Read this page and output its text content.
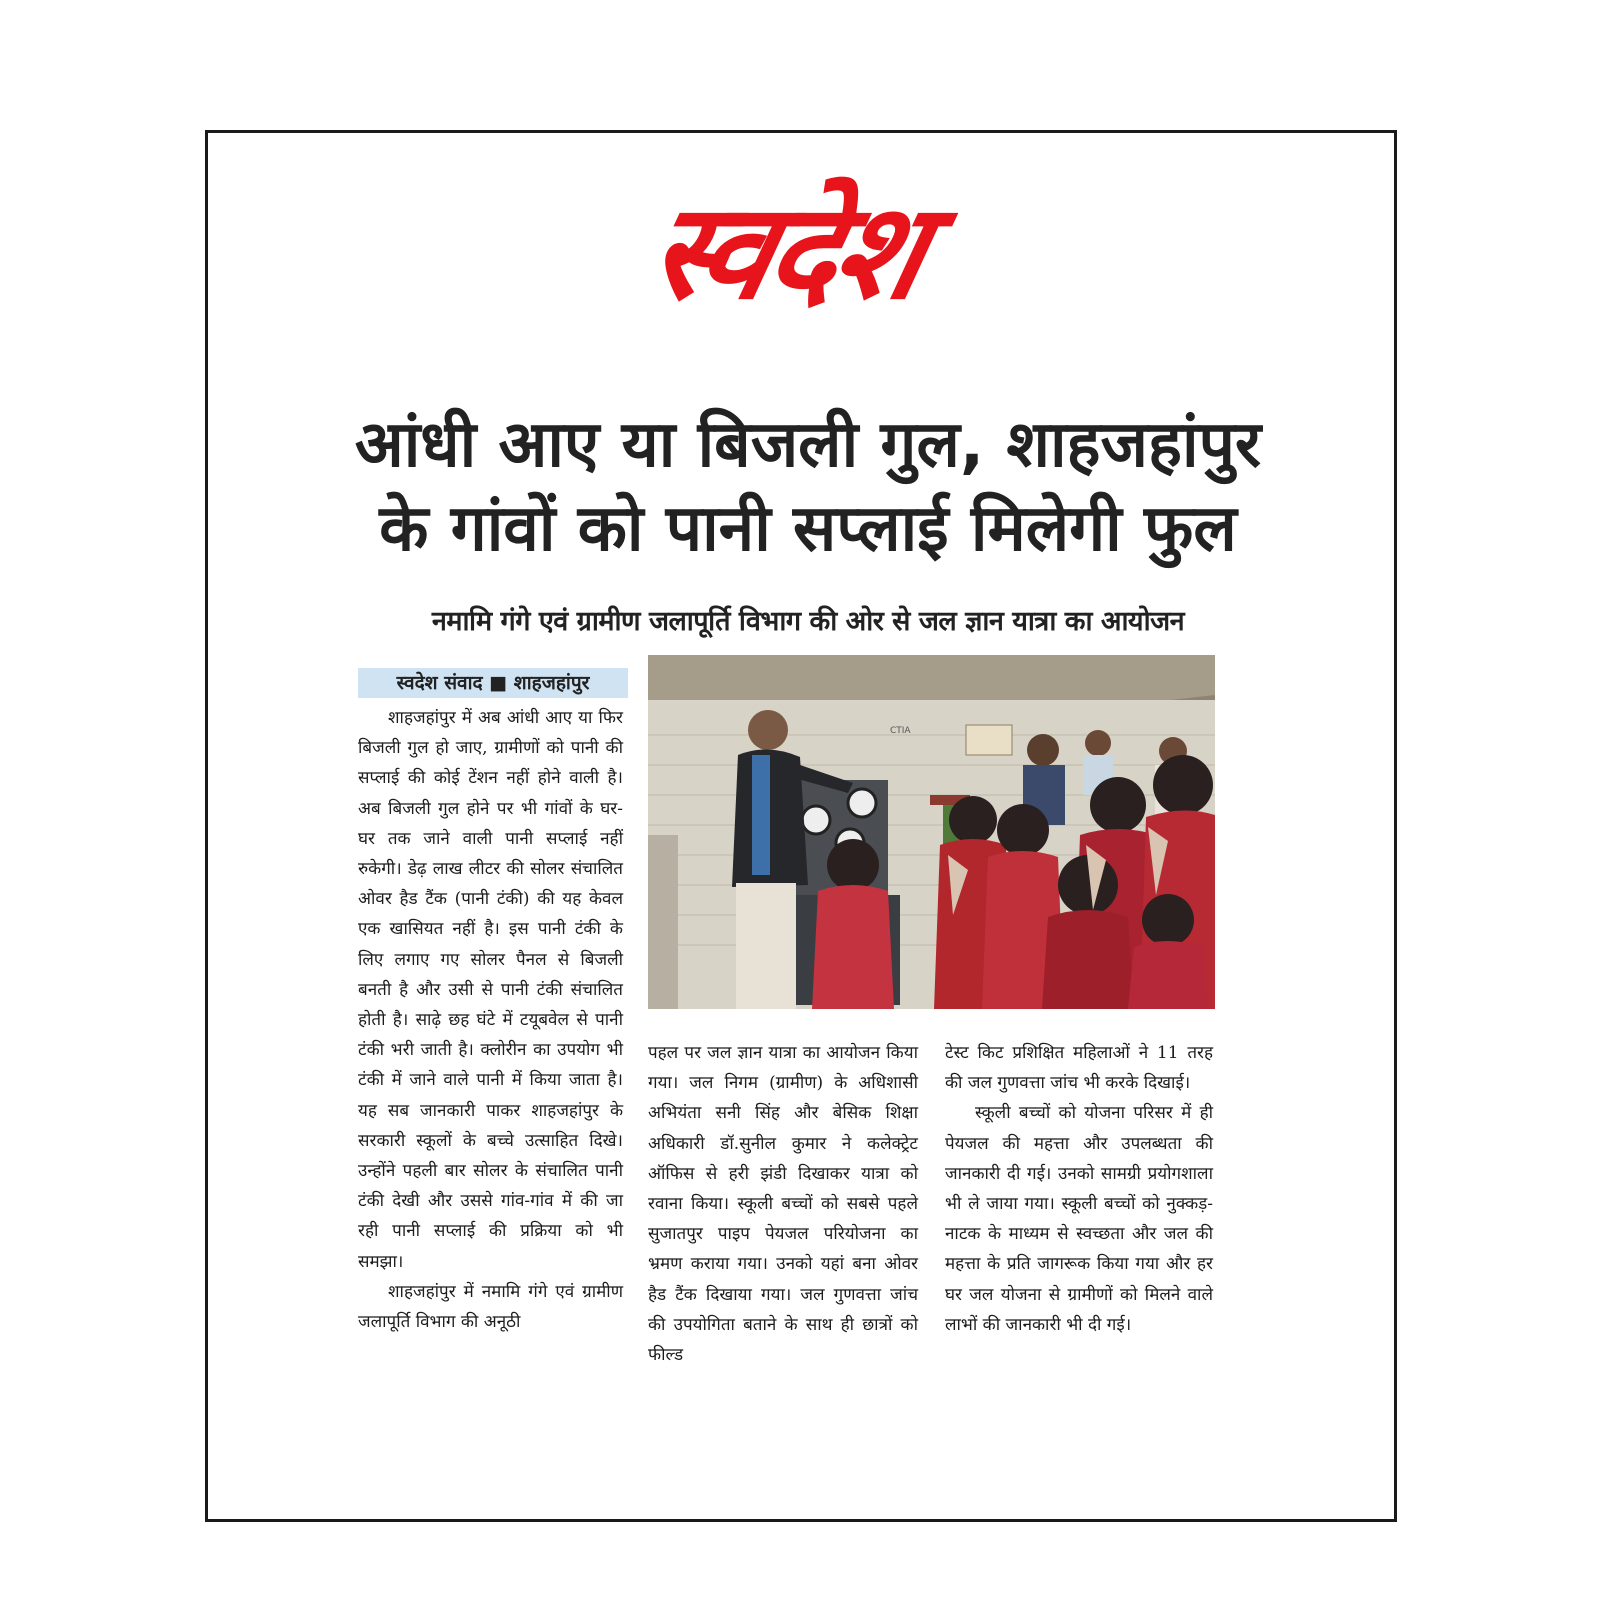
स्वदेश
आंधी आए या बिजली गुल, शाहजहांपुर
के गांवों को पानी सप्लाई मिलेगी फुल
नमामि गंगे एवं ग्रामीण जलापूर्ति विभाग की ओर से जल ज्ञान यात्रा का आयोजन
स्वदेश संवाद ■ शाहजहांपुर

शाहजहांपुर में अब आंधी आए या फिर बिजली गुल हो जाए, ग्रामीणों को पानी की सप्लाई की कोई टेंशन नहीं होने वाली है। अब बिजली गुल होने पर भी गांवों के घर-घर तक जाने वाली पानी सप्लाई नहीं रुकेगी। डेढ़ लाख लीटर की सोलर संचालित ओवर हैड टैंक (पानी टंकी) की यह केवल एक खासियत नहीं है। इस पानी टंकी के लिए लगाए गए सोलर पैनल से बिजली बनती है और उसी से पानी टंकी संचालित होती है। साढ़े छह घंटे में टयूबवेल से पानी टंकी भरी जाती है। क्लोरीन का उपयोग भी टंकी में जाने वाले पानी में किया जाता है। यह सब जानकारी पाकर शाहजहांपुर के सरकारी स्कूलों के बच्चे उत्साहित दिखे। उन्होंने पहली बार सोलर के संचालित पानी टंकी देखी और उससे गांव-गांव में की जा रही पानी सप्लाई की प्रक्रिया को भी समझा।

शाहजहांपुर में नमामि गंगे एवं ग्रामीण जलापूर्ति विभाग की अनूठी

CTIA

पहल पर जल ज्ञान यात्रा का आयोजन किया गया। जल निगम (ग्रामीण) के अधिशासी अभियंता सनी सिंह और बेसिक शिक्षा अधिकारी डॉ.सुनील कुमार ने कलेक्ट्रेट ऑफिस से हरी झंडी दिखाकर यात्रा को रवाना किया। स्कूली बच्चों को सबसे पहले सुजातपुर पाइप पेयजल परियोजना का भ्रमण कराया गया। उनको यहां बना ओवर हैड टैंक दिखाया गया। जल गुणवत्ता जांच की उपयोगिता बताने के साथ ही छात्रों को फील्ड

टेस्ट किट प्रशिक्षित महिलाओं ने 11 तरह की जल गुणवत्ता जांच भी करके दिखाई।

स्कूली बच्चों को योजना परिसर में ही पेयजल की महत्ता और उपलब्धता की जानकारी दी गई। उनको सामग्री प्रयोगशाला भी ले जाया गया। स्कूली बच्चों को नुक्कड़-नाटक के माध्यम से स्वच्छता और जल की महत्ता के प्रति जागरूक किया गया और हर घर जल योजना से ग्रामीणों को मिलने वाले लाभों की जानकारी भी दी गई।
